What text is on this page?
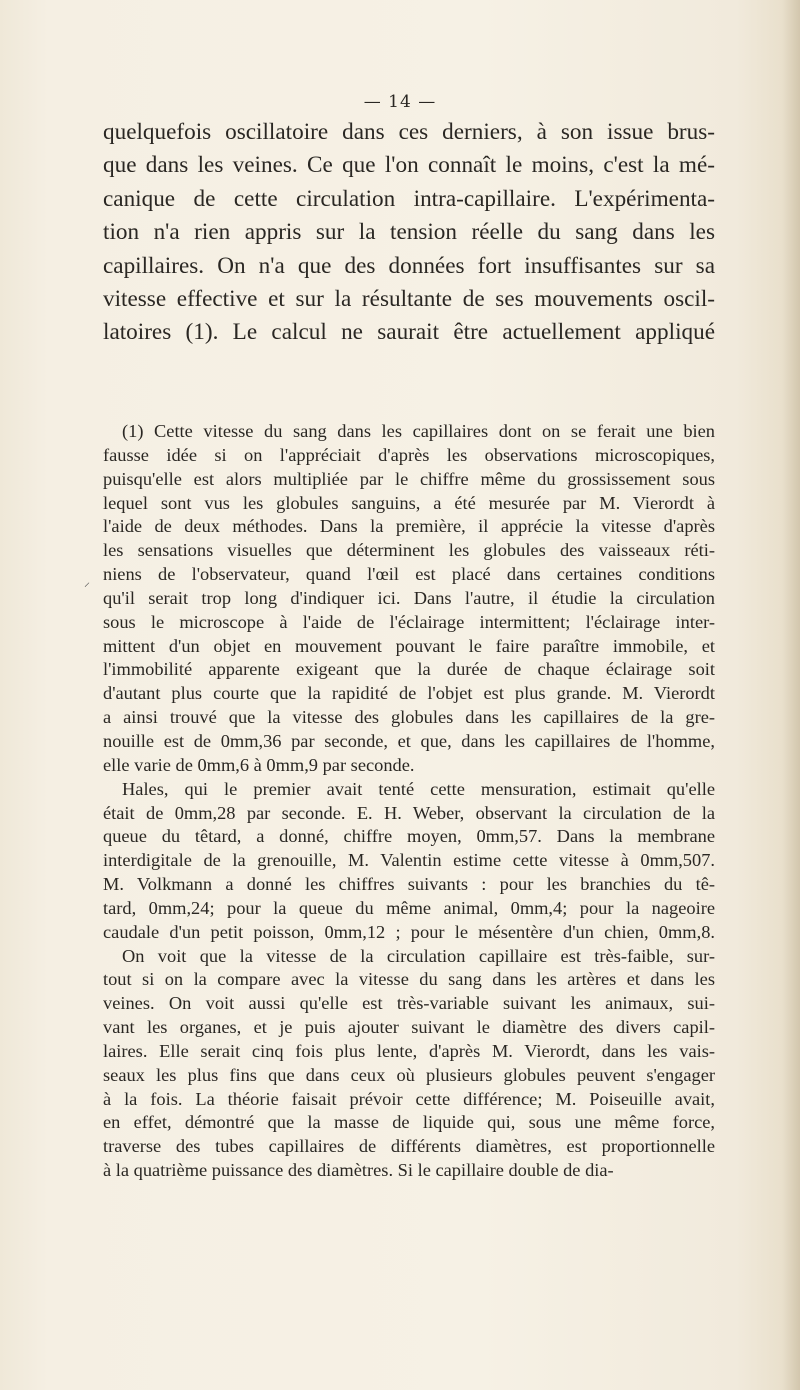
— 14 —
quelquefois oscillatoire dans ces derniers, à son issue brus-
que dans les veines. Ce que l'on connaît le moins, c'est la mé-
canique de cette circulation intra-capillaire. L'expérimenta-
tion n'a rien appris sur la tension réelle du sang dans les
capillaires. On n'a que des données fort insuffisantes sur sa
vitesse effective et sur la résultante de ses mouvements oscil-
latoires (1). Le calcul ne saurait être actuellement appliqué
⸝
(1) Cette vitesse du sang dans les capillaires dont on se ferait une bien
fausse idée si on l'appréciait d'après les observations microscopiques,
puisqu'elle est alors multipliée par le chiffre même du grossissement sous
lequel sont vus les globules sanguins, a été mesurée par M. Vierordt à
l'aide de deux méthodes. Dans la première, il apprécie la vitesse d'après
les sensations visuelles que déterminent les globules des vaisseaux réti-
niens de l'observateur, quand l'œil est placé dans certaines conditions
qu'il serait trop long d'indiquer ici. Dans l'autre, il étudie la circulation
sous le microscope à l'aide de l'éclairage intermittent; l'éclairage inter-
mittent d'un objet en mouvement pouvant le faire paraître immobile, et
l'immobilité apparente exigeant que la durée de chaque éclairage soit
d'autant plus courte que la rapidité de l'objet est plus grande. M. Vierordt
a ainsi trouvé que la vitesse des globules dans les capillaires de la gre-
nouille est de 0mm,36 par seconde, et que, dans les capillaires de l'homme,
elle varie de 0mm,6 à 0mm,9 par seconde.
Hales, qui le premier avait tenté cette mensuration, estimait qu'elle
était de 0mm,28 par seconde. E. H. Weber, observant la circulation de la
queue du têtard, a donné, chiffre moyen, 0mm,57. Dans la membrane
interdigitale de la grenouille, M. Valentin estime cette vitesse à 0mm,507.
M. Volkmann a donné les chiffres suivants : pour les branchies du tê-
tard, 0mm,24; pour la queue du même animal, 0mm,4; pour la nageoire
caudale d'un petit poisson, 0mm,12 ; pour le mésentère d'un chien, 0mm,8.
On voit que la vitesse de la circulation capillaire est très-faible, sur-
tout si on la compare avec la vitesse du sang dans les artères et dans les
veines. On voit aussi qu'elle est très-variable suivant les animaux, sui-
vant les organes, et je puis ajouter suivant le diamètre des divers capil-
laires. Elle serait cinq fois plus lente, d'après M. Vierordt, dans les vais-
seaux les plus fins que dans ceux où plusieurs globules peuvent s'engager
à la fois. La théorie faisait prévoir cette différence; M. Poiseuille avait,
en effet, démontré que la masse de liquide qui, sous une même force,
traverse des tubes capillaires de différents diamètres, est proportionnelle
à la quatrième puissance des diamètres. Si le capillaire double de dia-
